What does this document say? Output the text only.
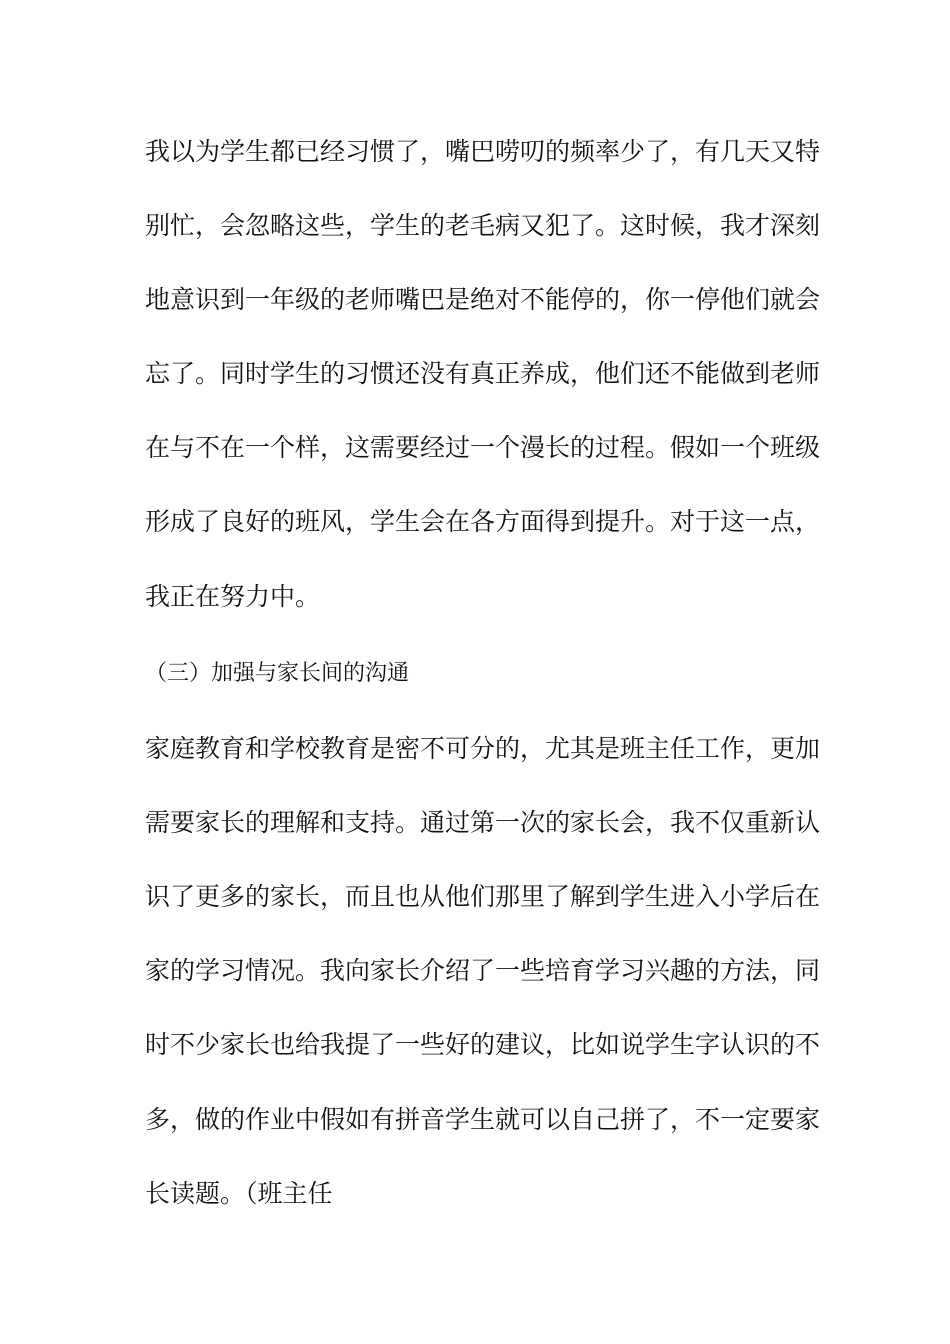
我以为学生都已经习惯了，嘴巴唠叨的频率少了，有几天又特
别忙，会忽略这些，学生的老毛病又犯了。这时候，我才深刻
地意识到一年级的老师嘴巴是绝对不能停的，你一停他们就会
忘了。同时学生的习惯还没有真正养成，他们还不能做到老师
在与不在一个样，这需要经过一个漫长的过程。假如一个班级
形成了良好的班风，学生会在各方面得到提升。对于这一点，
我正在努力中。
（三）加强与家长间的沟通
家庭教育和学校教育是密不可分的，尤其是班主任工作，更加
需要家长的理解和支持。通过第一次的家长会，我不仅重新认
识了更多的家长，而且也从他们那里了解到学生进入小学后在
家的学习情况。我向家长介绍了一些培育学习兴趣的方法，同
时不少家长也给我提了一些好的建议，比如说学生字认识的不
多，做的作业中假如有拼音学生就可以自己拼了，不一定要家
长读题。（班主任
